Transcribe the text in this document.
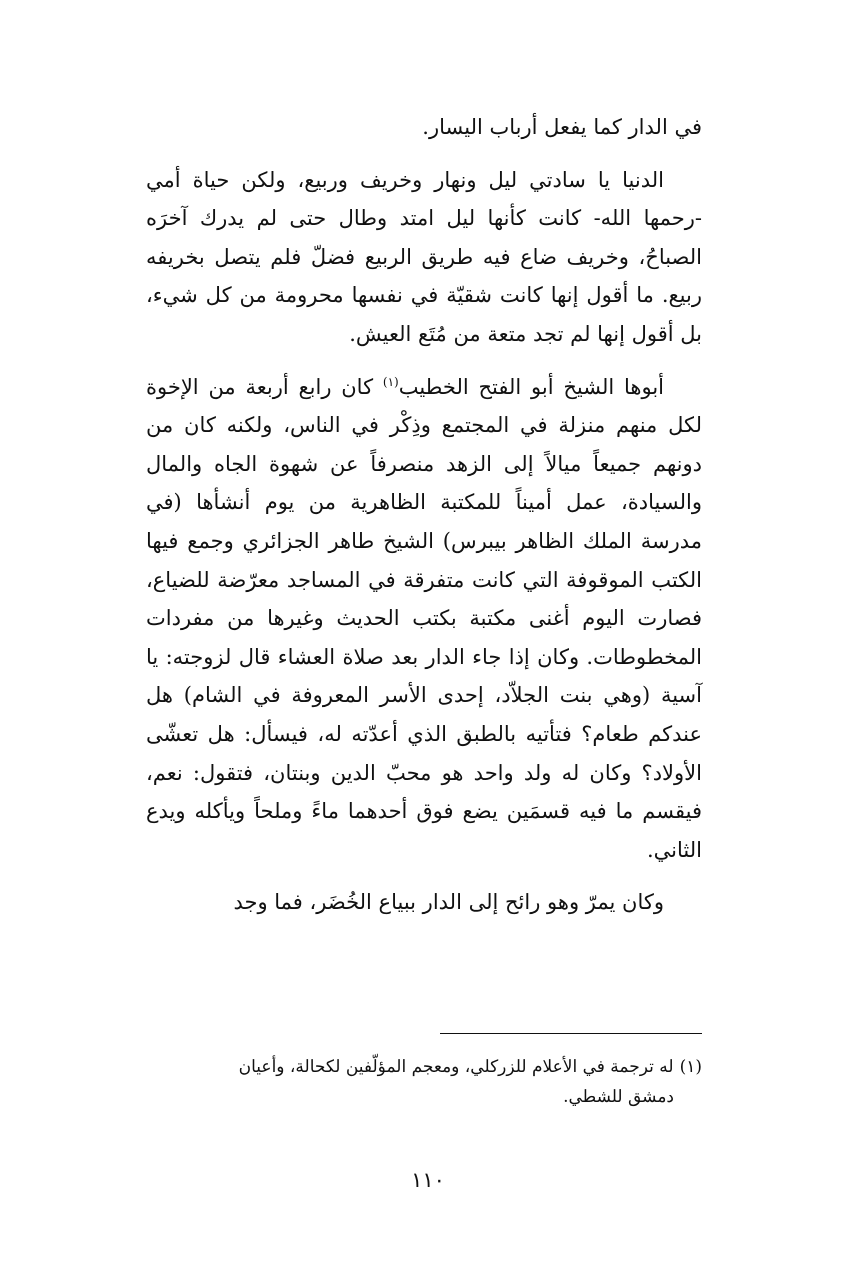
في الدار كما يفعل أرباب اليسار.

الدنيا يا سادتي ليل ونهار وخريف وربيع، ولكن حياة أمي -رحمها الله- كانت كأنها ليل امتد وطال حتى لم يدرك آخرَه الصباحُ، وخريف ضاع فيه طريق الربيع فضلّ فلم يتصل بخريفه ربيع. ما أقول إنها كانت شقيّة في نفسها محرومة من كل شيء، بل أقول إنها لم تجد متعة من مُتَع العيش.

أبوها الشيخ أبو الفتح الخطيب$^{(١)}$ كان رابع أربعة من الإخوة لكل منهم منزلة في المجتمع وذِكْر في الناس، ولكنه كان من دونهم جميعاً ميالاً إلى الزهد منصرفاً عن شهوة الجاه والمال والسيادة، عمل أميناً للمكتبة الظاهرية من يوم أنشأها (في مدرسة الملك الظاهر بيبرس) الشيخ طاهر الجزائري وجمع فيها الكتب الموقوفة التي كانت متفرقة في المساجد معرّضة للضياع، فصارت اليوم أغنى مكتبة بكتب الحديث وغيرها من مفردات المخطوطات. وكان إذا جاء الدار بعد صلاة العشاء قال لزوجته: يا آسية (وهي بنت الجلاّد، إحدى الأسر المعروفة في الشام) هل عندكم طعام؟ فتأتيه بالطبق الذي أعدّته له، فيسأل: هل تعشّى الأولاد؟ وكان له ولد واحد هو محبّ الدين وبنتان، فتقول: نعم، فيقسم ما فيه قسمَين يضع فوق أحدهما ماءً وملحاً ويأكله ويدع الثاني.

وكان يمرّ وهو رائح إلى الدار ببياع الخُضَر، فما وجد

(١)له ترجمة في الأعلام للزركلي، ومعجم المؤلّفين لكحالة، وأعيان
دمشق للشطي.
١١٠
